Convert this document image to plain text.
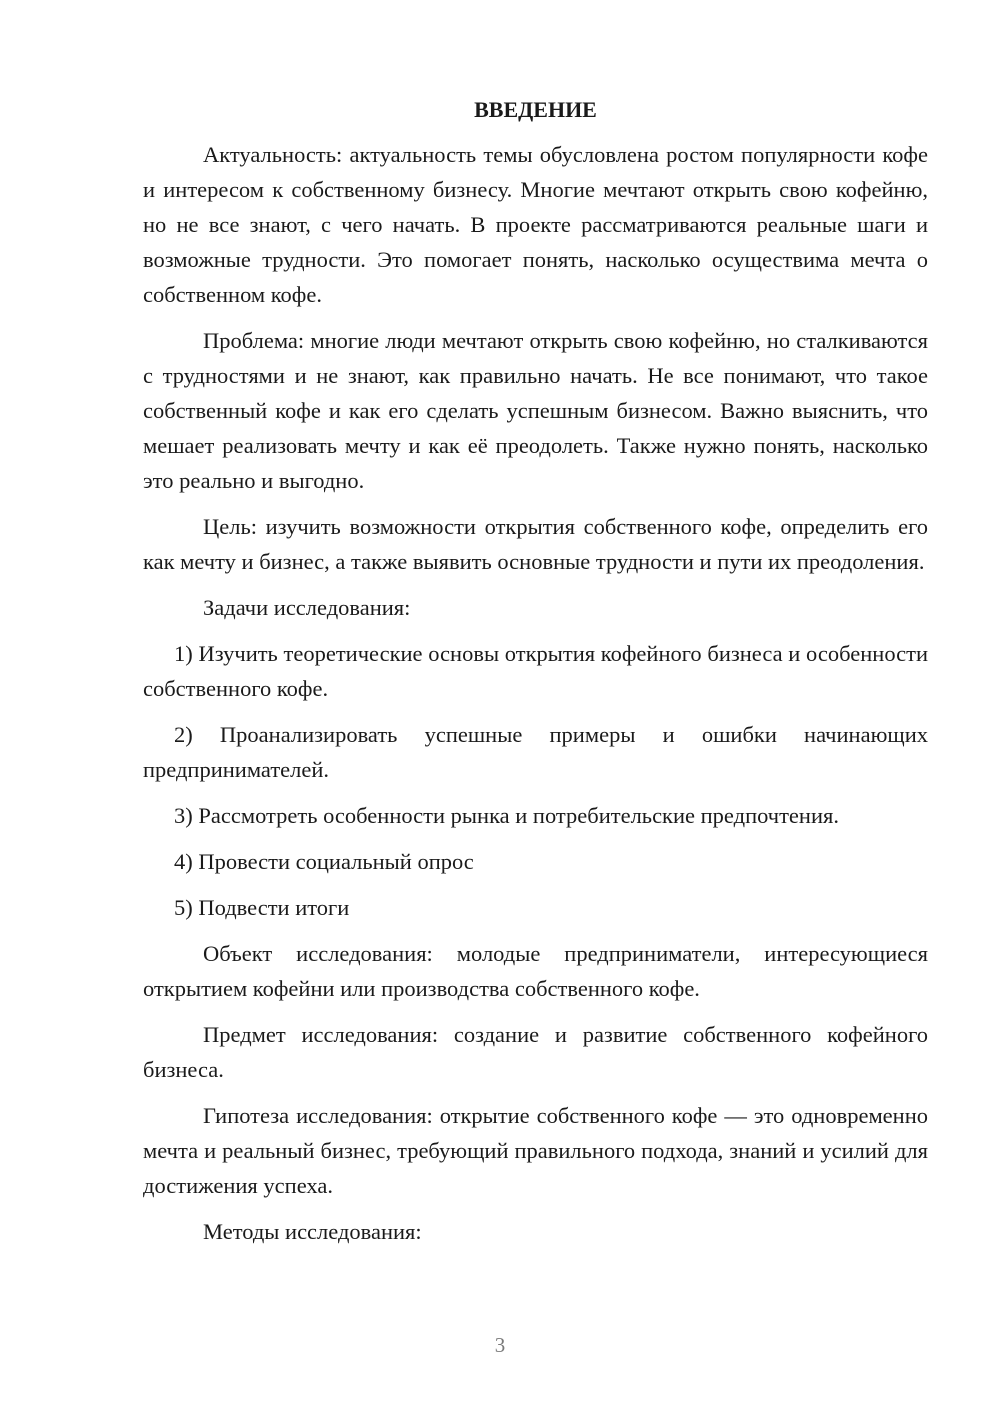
ВВЕДЕНИЕ

Актуальность: актуальность темы обусловлена ростом популярности кофе и интересом к собственному бизнесу. Многие мечтают открыть свою кофейню, но не все знают, с чего начать. В проекте рассматриваются реальные шаги и возможные трудности. Это помогает понять, насколько осуществима мечта о собственном кофе.

Проблема: многие люди мечтают открыть свою кофейню, но сталкиваются с трудностями и не знают, как правильно начать. Не все понимают, что такое собственный кофе и как его сделать успешным бизнесом. Важно выяснить, что мешает реализовать мечту и как её преодолеть. Также нужно понять, насколько это реально и выгодно.

Цель: изучить возможности открытия собственного кофе, определить его как мечту и бизнес, а также выявить основные трудности и пути их преодоления.

Задачи исследования:

1) Изучить теоретические основы открытия кофейного бизнеса и особенности собственного кофе.

2) Проанализировать успешные примеры и ошибки начинающих предпринимателей.

3) Рассмотреть особенности рынка и потребительские предпочтения.

4) Провести социальный опрос

5) Подвести итоги

Объект исследования: молодые предприниматели, интересующиеся открытием кофейни или производства собственного кофе.

Предмет исследования: создание и развитие собственного кофейного бизнеса.

Гипотеза исследования: открытие собственного кофе — это одновременно мечта и реальный бизнес, требующий правильного подхода, знаний и усилий для достижения успеха.

Методы исследования:

3
